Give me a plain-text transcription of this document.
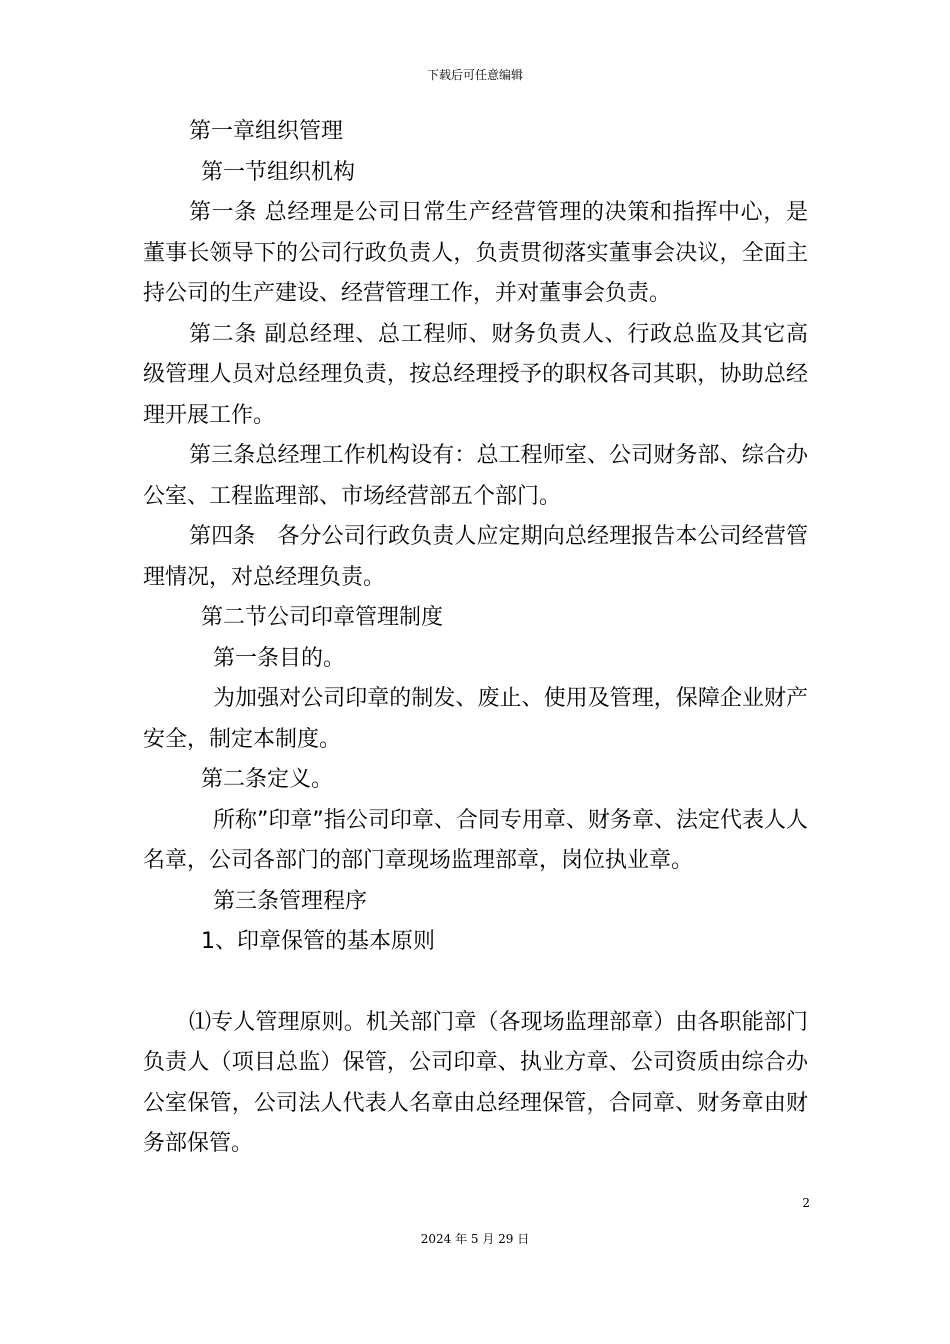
下载后可任意编辑

第一章组织管理

第一节组织机构

第一条 总经理是公司日常生产经营管理的决策和指挥中心，是董事长领导下的公司行政负责人，负责贯彻落实董事会决议，全面主持公司的生产建设、经营管理工作，并对董事会负责。

第二条 副总经理、总工程师、财务负责人、行政总监及其它高级管理人员对总经理负责，按总经理授予的职权各司其职，协助总经理开展工作。

第三条总经理工作机构设有：总工程师室、公司财务部、综合办公室、工程监理部、市场经营部五个部门。

第四条　各分公司行政负责人应定期向总经理报告本公司经营管理情况，对总经理负责。

第二节公司印章管理制度

第一条目的。

为加强对公司印章的制发、废止、使用及管理，保障企业财产安全，制定本制度。

第二条定义。

所称”印章”指公司印章、合同专用章、财务章、法定代表人人名章，公司各部门的部门章现场监理部章，岗位执业章。

第三条管理程序

1、印章保管的基本原则

⑴专人管理原则。机关部门章（各现场监理部章）由各职能部门负责人（项目总监）保管，公司印章、执业方章、公司资质由综合办公室保管，公司法人代表人名章由总经理保管，合同章、财务章由财务部保管。

2
2024 年 5 月 29 日
